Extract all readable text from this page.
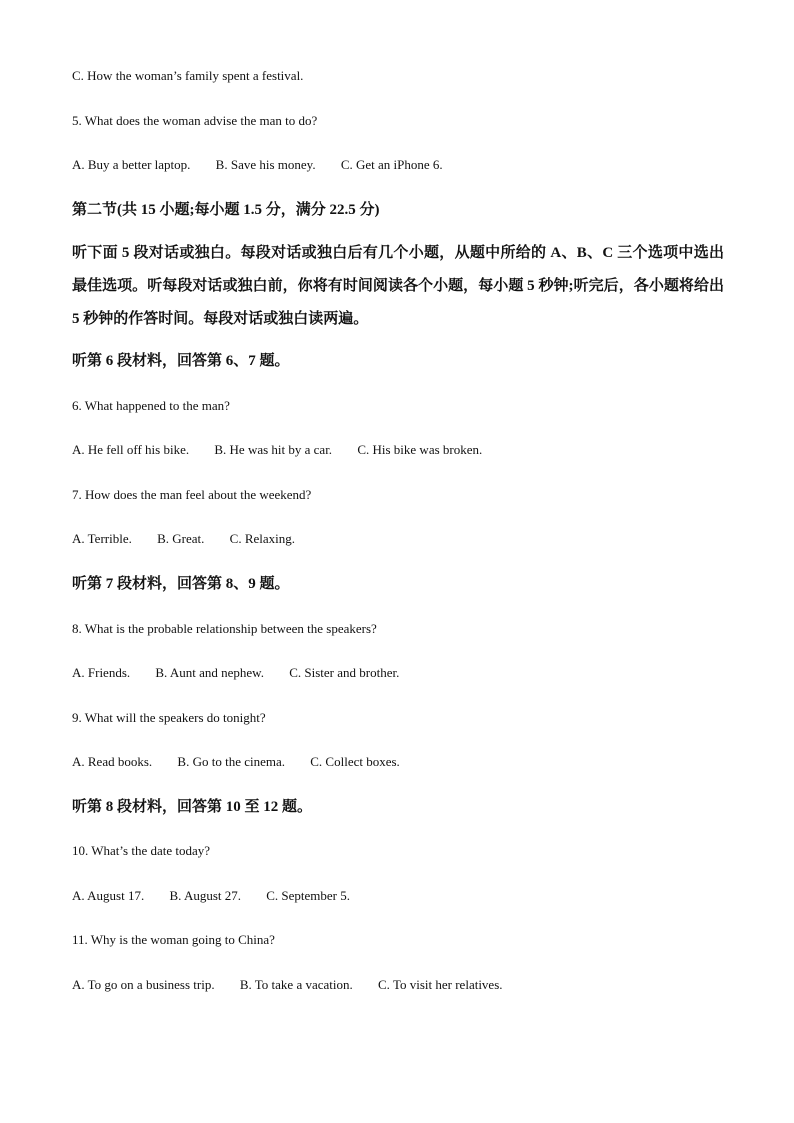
C. How the woman’s family spent a festival.
5. What does the woman advise the man to do?
A. Buy a better laptop. B. Save his money. C. Get an iPhone 6.
第二节(共 15 小题;每小题 1.5 分，满分 22.5 分)
听下面 5 段对话或独白。每段对话或独白后有几个小题，从题中所给的 A、B、C 三个选项中选出最佳选项。听每段对话或独白前，你将有时间阅读各个小题，每小题 5 秒钟;听完后，各小题将给出 5 秒钟的作答时间。每段对话或独白读两遍。
听第 6 段材料，回答第 6、7 题。
6. What happened to the man?
A. He fell off his bike. B. He was hit by a car. C. His bike was broken.
7. How does the man feel about the weekend?
A. Terrible. B. Great. C. Relaxing.
听第 7 段材料，回答第 8、9 题。
8. What is the probable relationship between the speakers?
A. Friends. B. Aunt and nephew. C. Sister and brother.
9. What will the speakers do tonight?
A. Read books. B. Go to the cinema. C. Collect boxes.
听第 8 段材料，回答第 10 至 12 题。
10. What’s the date today?
A. August 17. B. August 27. C. September 5.
11. Why is the woman going to China?
A. To go on a business trip. B. To take a vacation. C. To visit her relatives.
